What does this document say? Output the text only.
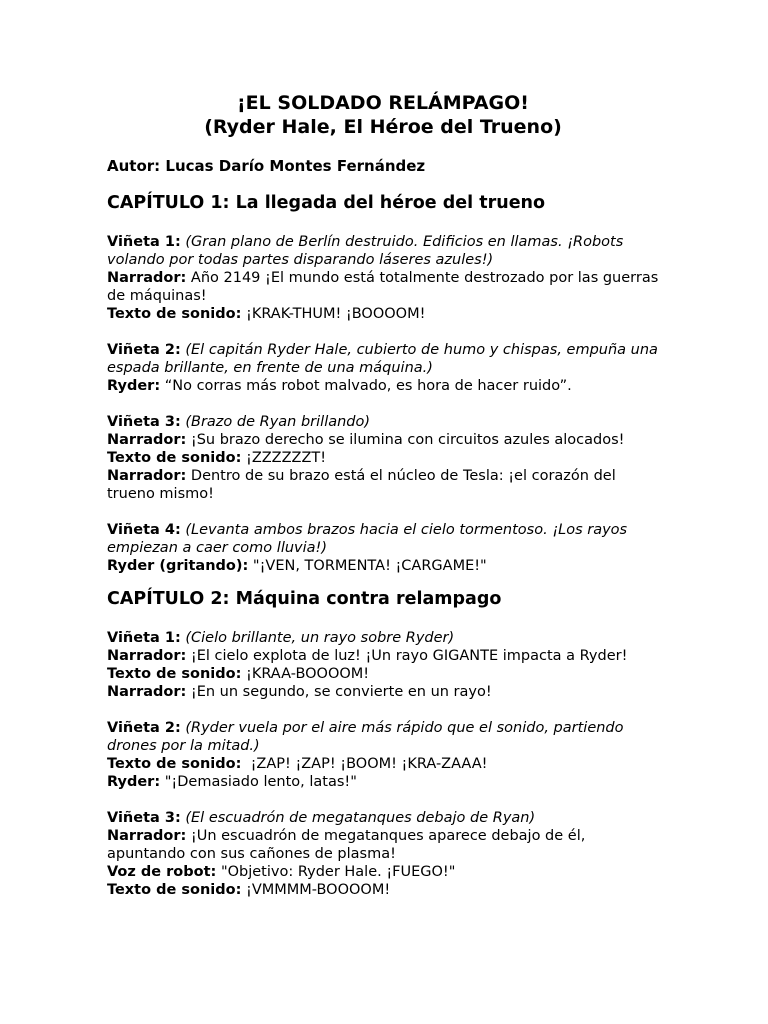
¡EL SOLDADO RELÁMPAGO!
(Ryder Hale, El Héroe del Trueno)

Autor: Lucas Darío Montes Fernández

CAPÍTULO 1: La llegada del héroe del trueno

Viñeta 1: (Gran plano de Berlín destruido. Edificios en llamas. ¡Robots volando por todas partes disparando láseres azules!)
Narrador: Año 2149 ¡El mundo está totalmente destrozado por las guerras de máquinas!
Texto de sonido: ¡KRAK-THUM! ¡BOOOOM!

Viñeta 2: (El capitán Ryder Hale, cubierto de humo y chispas, empuña una espada brillante, en frente de una máquina.)
Ryder: “No corras más robot malvado, es hora de hacer ruido”.

Viñeta 3: (Brazo de Ryan brillando)
Narrador: ¡Su brazo derecho se ilumina con circuitos azules alocados!
Texto de sonido: ¡ZZZZZZT!
Narrador: Dentro de su brazo está el núcleo de Tesla: ¡el corazón del trueno mismo!

Viñeta 4: (Levanta ambos brazos hacia el cielo tormentoso. ¡Los rayos empiezan a caer como lluvia!)
Ryder (gritando): "¡VEN, TORMENTA! ¡CARGAME!"

CAPÍTULO 2: Máquina contra relampago

Viñeta 1: (Cielo brillante, un rayo sobre Ryder)
Narrador: ¡El cielo explota de luz! ¡Un rayo GIGANTE impacta a Ryder!
Texto de sonido: ¡KRAA-BOOOOM!
Narrador: ¡En un segundo, se convierte en un rayo!

Viñeta 2: (Ryder vuela por el aire más rápido que el sonido, partiendo drones por la mitad.)
Texto de sonido:  ¡ZAP! ¡ZAP! ¡BOOM! ¡KRA-ZAAA!
Ryder: "¡Demasiado lento, latas!"

Viñeta 3: (El escuadrón de megatanques debajo de Ryan)
Narrador: ¡Un escuadrón de megatanques aparece debajo de él, apuntando con sus cañones de plasma!
Voz de robot: "Objetivo: Ryder Hale. ¡FUEGO!"
Texto de sonido: ¡VMMMM-BOOOOM!
